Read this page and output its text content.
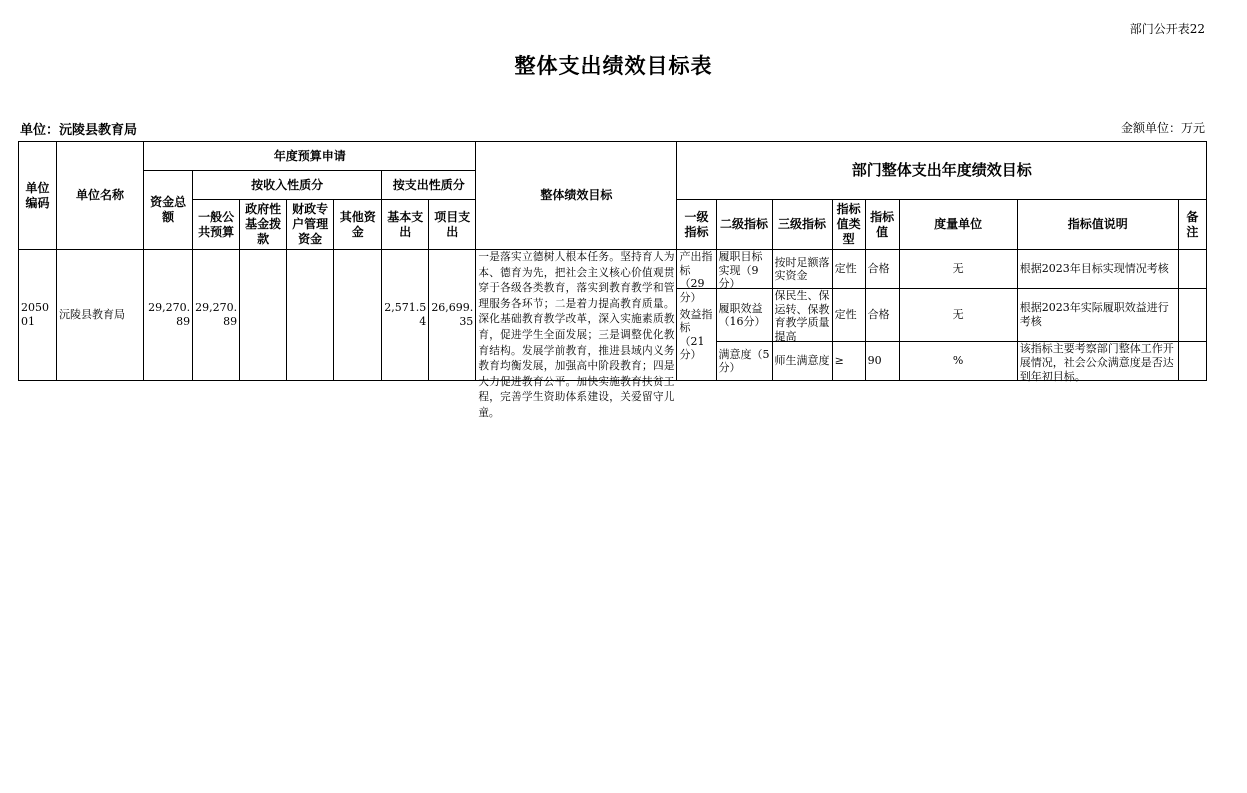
部门公开表22
整体支出绩效目标表
单位：沅陵县教育局	金额单位：万元
单位编码	单位名称	年度预算申请							整体绩效目标	部门整体支出年度绩效目标							
		资金总额	按收入性质分				按支出性质分										
			一般公共预算	政府性基金拨款	财政专户管理资金	其他资金	基本支出	项目支出		一级指标	二级指标	三级指标	指标值类型	指标值	度量单位	指标值说明	备注
205001	沅陵县教育局	29,270.89	29,270.89				2,571.54	26,699.35	一是落实立德树人根本任务。坚持育人为本、德育为先，把社会主义核心价值观贯穿于各级各类教育，落实到教育教学和管理服务各环节；二是着力提高教育质量。深化基础教育教学改革，深入实施素质教育，促进学生全面发展；三是调整优化教育结构。发展学前教育，推进县域内义务教育均衡发展，加强高中阶段教育；四是大力促进教育公平。加快实施教育扶贫工程，完善学生资助体系建设，关爱留守儿童。	产出指标（29分）	履职目标实现（9分）	按时足额落实资金	定性	合格	无	根据2023年目标实现情况考核	

										效益指标（21分）	履职效益（16分）	保民生、保运转、保教育教学质量提高	定性	合格	无	根据2023年实际履职效益进行考核	
											满意度（5分）	师生满意度	≥	90	%	该指标主要考察部门整体工作开展情况，社会公众满意度是否达到年初目标。	
